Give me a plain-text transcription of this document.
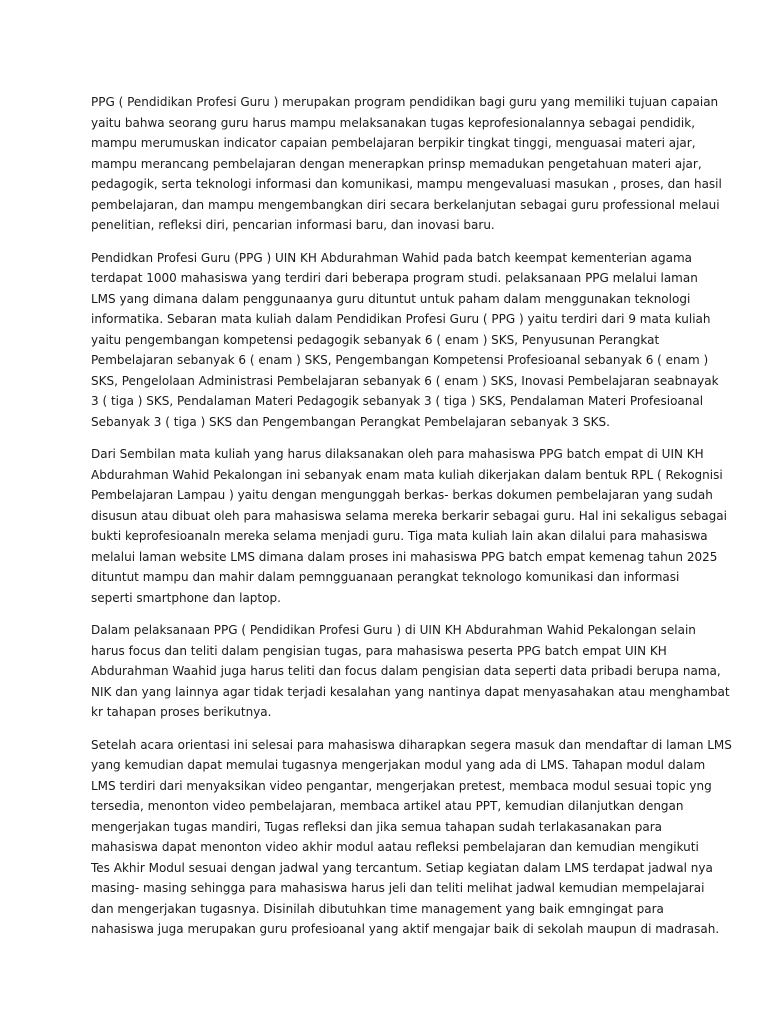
PPG ( Pendidikan Profesi Guru ) merupakan program pendidikan bagi guru yang memiliki tujuan capaian
yaitu bahwa seorang guru harus mampu melaksanakan tugas keprofesionalannya sebagai pendidik,
mampu merumuskan indicator capaian pembelajaran berpikir tingkat tinggi, menguasai materi ajar,
mampu merancang pembelajaran dengan menerapkan prinsp memadukan pengetahuan materi ajar,
pedagogik, serta teknologi informasi dan komunikasi, mampu mengevaluasi masukan , proses, dan hasil
pembelajaran, dan mampu mengembangkan diri secara berkelanjutan sebagai guru professional melaui
penelitian, refleksi diri, pencarian informasi baru, dan inovasi baru.
Pendidkan Profesi Guru (PPG ) UIN KH Abdurahman Wahid pada batch keempat kementerian agama
terdapat 1000 mahasiswa yang terdiri dari beberapa program studi. pelaksanaan PPG melalui laman
LMS yang dimana dalam penggunaanya guru dituntut untuk paham dalam menggunakan teknologi
informatika. Sebaran mata kuliah dalam Pendidikan Profesi Guru ( PPG ) yaitu terdiri dari 9 mata kuliah
yaitu pengembangan kompetensi pedagogik sebanyak 6 ( enam ) SKS, Penyusunan Perangkat
Pembelajaran sebanyak 6 ( enam ) SKS, Pengembangan Kompetensi Profesioanal sebanyak 6 ( enam )
SKS, Pengelolaan Administrasi Pembelajaran sebanyak 6 ( enam ) SKS, Inovasi Pembelajaran seabnayak
3 ( tiga ) SKS, Pendalaman Materi Pedagogik sebanyak 3 ( tiga ) SKS, Pendalaman Materi Profesioanal
Sebanyak 3 ( tiga ) SKS dan Pengembangan Perangkat Pembelajaran sebanyak 3 SKS.
Dari Sembilan mata kuliah yang harus dilaksanakan oleh para mahasiswa PPG batch empat di UIN KH
Abdurahman Wahid Pekalongan ini sebanyak enam mata kuliah dikerjakan dalam bentuk RPL ( Rekognisi
Pembelajaran Lampau ) yaitu dengan mengunggah berkas- berkas dokumen pembelajaran yang sudah
disusun atau dibuat oleh para mahasiswa selama mereka berkarir sebagai guru. Hal ini sekaligus sebagai
bukti keprofesioanaln mereka selama menjadi guru. Tiga mata kuliah lain akan dilalui para mahasiswa
melalui laman website LMS dimana dalam proses ini mahasiswa PPG batch empat kemenag tahun 2025
dituntut mampu dan mahir dalam pemngguanaan perangkat teknologo komunikasi dan informasi
seperti smartphone dan laptop.
Dalam pelaksanaan PPG ( Pendidikan Profesi Guru ) di UIN KH Abdurahman Wahid Pekalongan selain
harus focus dan teliti dalam pengisian tugas, para mahasiswa peserta PPG batch empat UIN KH
Abdurahman Waahid juga harus teliti dan focus dalam pengisian data seperti data pribadi berupa nama,
NIK dan yang lainnya agar tidak terjadi kesalahan yang nantinya dapat menyasahakan atau menghambat
kr tahapan proses berikutnya.
Setelah acara orientasi ini selesai para mahasiswa diharapkan segera masuk dan mendaftar di laman LMS
yang kemudian dapat memulai tugasnya mengerjakan modul yang ada di LMS. Tahapan modul dalam
LMS terdiri dari menyaksikan video pengantar, mengerjakan pretest, membaca modul sesuai topic yng
tersedia, menonton video pembelajaran, membaca artikel atau PPT, kemudian dilanjutkan dengan
mengerjakan tugas mandiri, Tugas refleksi dan jika semua tahapan sudah terlakasanakan para
mahasiswa dapat menonton video akhir modul aatau refleksi pembelajaran dan kemudian mengikuti
Tes Akhir Modul sesuai dengan jadwal yang tercantum. Setiap kegiatan dalam LMS terdapat jadwal nya
masing- masing sehingga para mahasiswa harus jeli dan teliti melihat jadwal kemudian mempelajarai
dan mengerjakan tugasnya. Disinilah dibutuhkan time management yang baik emngingat para
nahasiswa juga merupakan guru profesioanal yang aktif mengajar baik di sekolah maupun di madrasah.
